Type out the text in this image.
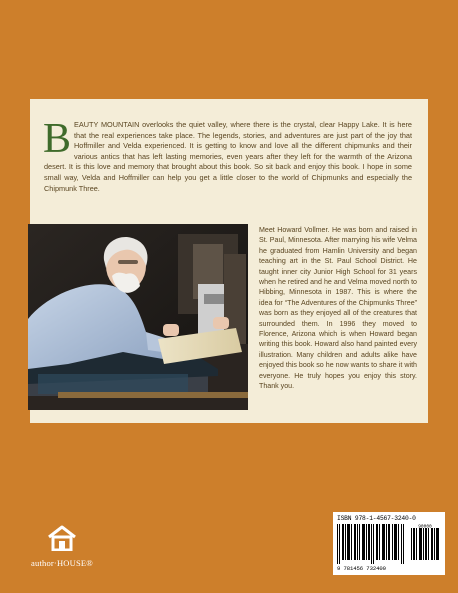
BEAUTY MOUNTAIN overlooks the quiet valley, where there is the crystal, clear Happy Lake. It is here that the real experiences take place. The legends, stories, and adventures are just part of the joy that Hoffmiller and Velda experienced. It is getting to know and love all the different chipmunks and their various antics that has left lasting memories, even years after they left for the warmth of the Arizona desert. It is this love and memory that brought about this book. So sit back and enjoy this book. I hope in some small way, Velda and Hoffmiller can help you get a little closer to the world of Chipmunks and especially the Chipmunk Three.
Meet Howard Vollmer. He was born and raised in St. Paul, Minnesota. After marrying his wife Velma he graduated from Hamlin University and began teaching art in the St. Paul School District. He taught inner city Junior High School for 31 years when he retired and he and Velma moved north to Hibbing, Minnesota in 1987. This is where the idea for “The Adventures of the Chipmunks Three” was born as they enjoyed all of the creatures that surrounded them. In 1996 they moved to Florence, Arizona which is when Howard began writing this book. Howard also hand painted every illustration. Many children and adults alike have enjoyed this book so he now wants to share it with everyone. He truly hopes you enjoy this story. Thank you.
author·HOUSE®
ISBN 978-1-4567-3240-0
90000
9 781456 732400
